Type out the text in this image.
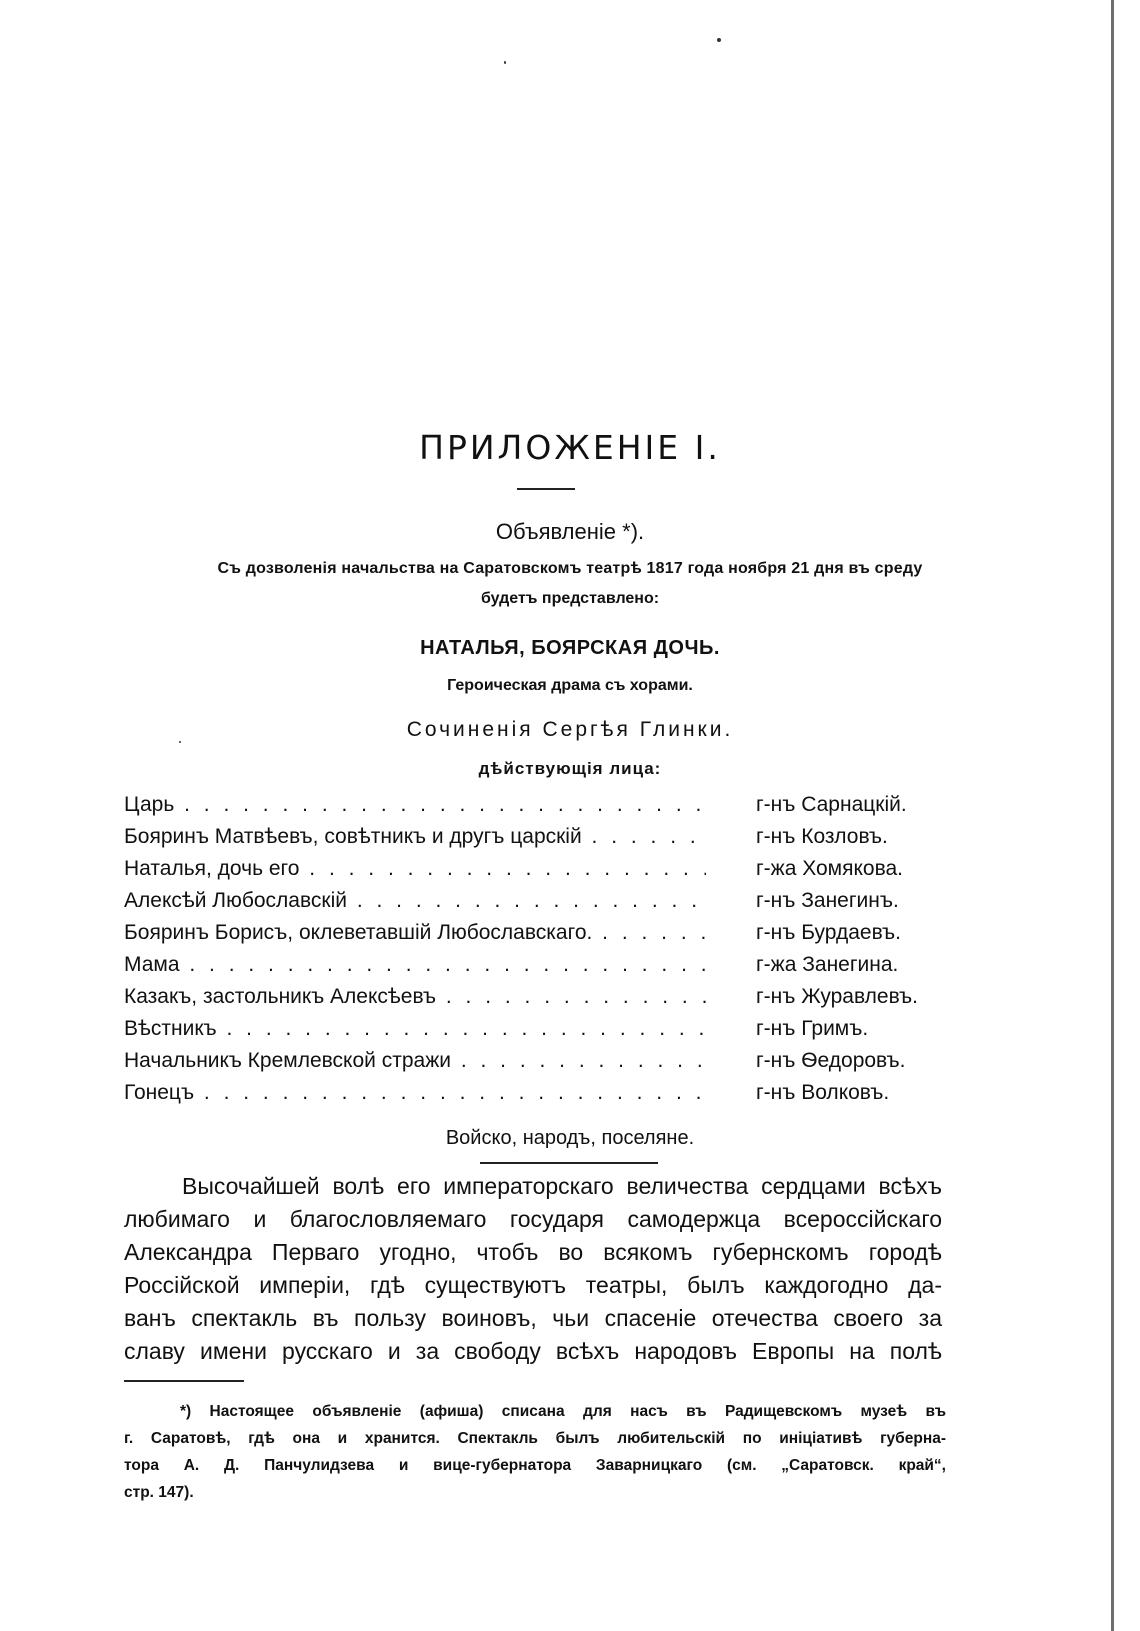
ПРИЛОЖЕНIЕ I.
Объявленiе *).
Съ дозволенiя начальства на Саратовскомъ театрѣ 1817 года ноября 21 дня въ среду
будетъ представлено:
НАТАЛЬЯ, БОЯРСКАЯ ДОЧЬ.
Героическая драма съ хорами.
Сочиненiя Сергѣя Глинки.
дѣйствующiя лица:
Царь . . .	г-нъ Сарнацкiй.
Бояринъ Матвѣевъ, совѣтникъ и другъ царскiй . . .	г-нъ Козловъ.
Наталья, дочь его . . .	г-жа Хомякова.
Алексѣй Любославскiй . . .	г-нъ Занегинъ.
Бояринъ Борисъ, оклеветавшiй Любославскаго. . . .	г-нъ Бурдаевъ.
Мама . . .	г-жа Занегина.
Казакъ, застольникъ Алексѣевъ . . .	г-нъ Журавлевъ.
Вѣстникъ . . .	г-нъ Гримъ.
Начальникъ Кремлевской стражи . . .	г-нъ Ѳедоровъ.
Гонецъ . . .	г-нъ Волковъ.
Войско, народъ, поселяне.
Высочайшей волѣ его императорскаго величества сердцами всѣхъ
любимаго и благословляемаго государя самодержца всероссiйскаго
Александра Перваго угодно, чтобъ во всякомъ губернскомъ городѣ
Россiйской имперiи, гдѣ существуютъ театры, былъ каждогодно да-
ванъ спектакль въ пользу воиновъ, чьи спасенiе отечества своего за
славу имени русскаго и за свободу всѣхъ народовъ Европы на полѣ
*) Настоящее объявленiе (афиша) списана для насъ въ Радищевскомъ музеѣ въ
г. Саратовѣ, гдѣ она и хранится. Спектакль былъ любительскiй по инiцiативѣ губерна-
тора А. Д. Панчулидзева и вице-губернатора Заварницкаго (см. „Саратовск. край“,
стр. 147).
